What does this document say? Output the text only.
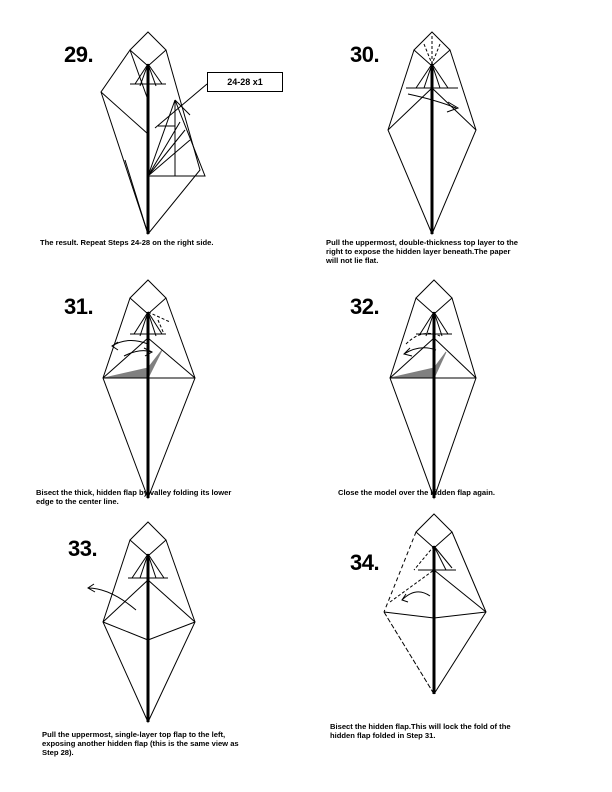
29.
24-28 x1
The result. Repeat Steps 24-28 on the right side.
30.
Pull the uppermost, double-thickness top layer to the
right to expose the hidden layer beneath.The paper
will not lie flat.
31.
Bisect the thick, hidden flap by valley folding its lower
edge to the center line.
32.
Close the model over the hidden flap again.
33.
Pull the uppermost, single-layer top flap to the left,
exposing another hidden flap (this is the same view as
Step 28).
34.
Bisect the hidden flap.This will lock the fold of the
hidden flap folded in Step 31.
